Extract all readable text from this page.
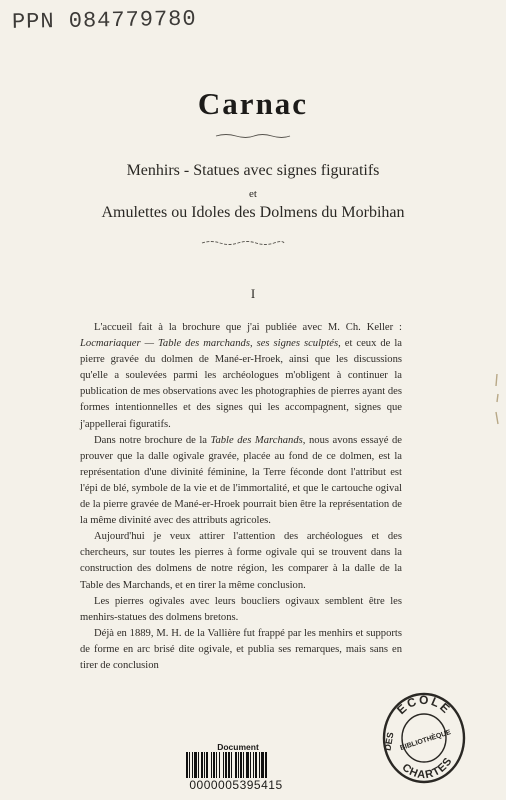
PPN 084779780
Carnac
Menhirs - Statues avec signes figuratifs
et
Amulettes ou Idoles des Dolmens du Morbihan
I

L'accueil fait à la brochure que j'ai publiée avec M. Ch. Keller : Locmariaquer — Table des marchands, ses signes sculptés, et ceux de la pierre gravée du dolmen de Mané-er-Hroek, ainsi que les discussions qu'elle a soulevées parmi les archéologues m'obligent à continuer la publication de mes observations avec les photographies de pierres ayant des formes intentionnelles et des signes qui les accompagnent, signes que j'appellerai figuratifs.

Dans notre brochure de la Table des Marchands, nous avons essayé de prouver que la dalle ogivale gravée, placée au fond de ce dolmen, est la représentation d'une divinité féminine, la Terre féconde dont l'attribut est l'épi de blé, symbole de la vie et de l'immortalité, et que le cartouche ogival de la pierre gravée de Mané-er-Hroek pourrait bien être la représentation de la même divinité avec des attributs agricoles.

Aujourd'hui je veux attirer l'attention des archéologues et des chercheurs, sur toutes les pierres à forme ogivale qui se trouvent dans la construction des dolmens de notre région, les comparer à la dalle de la Table des Marchands, et en tirer la même conclusion.

Les pierres ogivales avec leurs boucliers ogivaux semblent être les menhirs-statues des dolmens bretons.

Déjà en 1889, M. H. de la Vallière fut frappé par les menhirs et supports de forme en arc brisé dite ogivale, et publia ses remarques, mais sans en tirer de conclusion

Document
0000005395415
ÉCOLE
CHARTES
DES BIBLIOTHÈQUE
